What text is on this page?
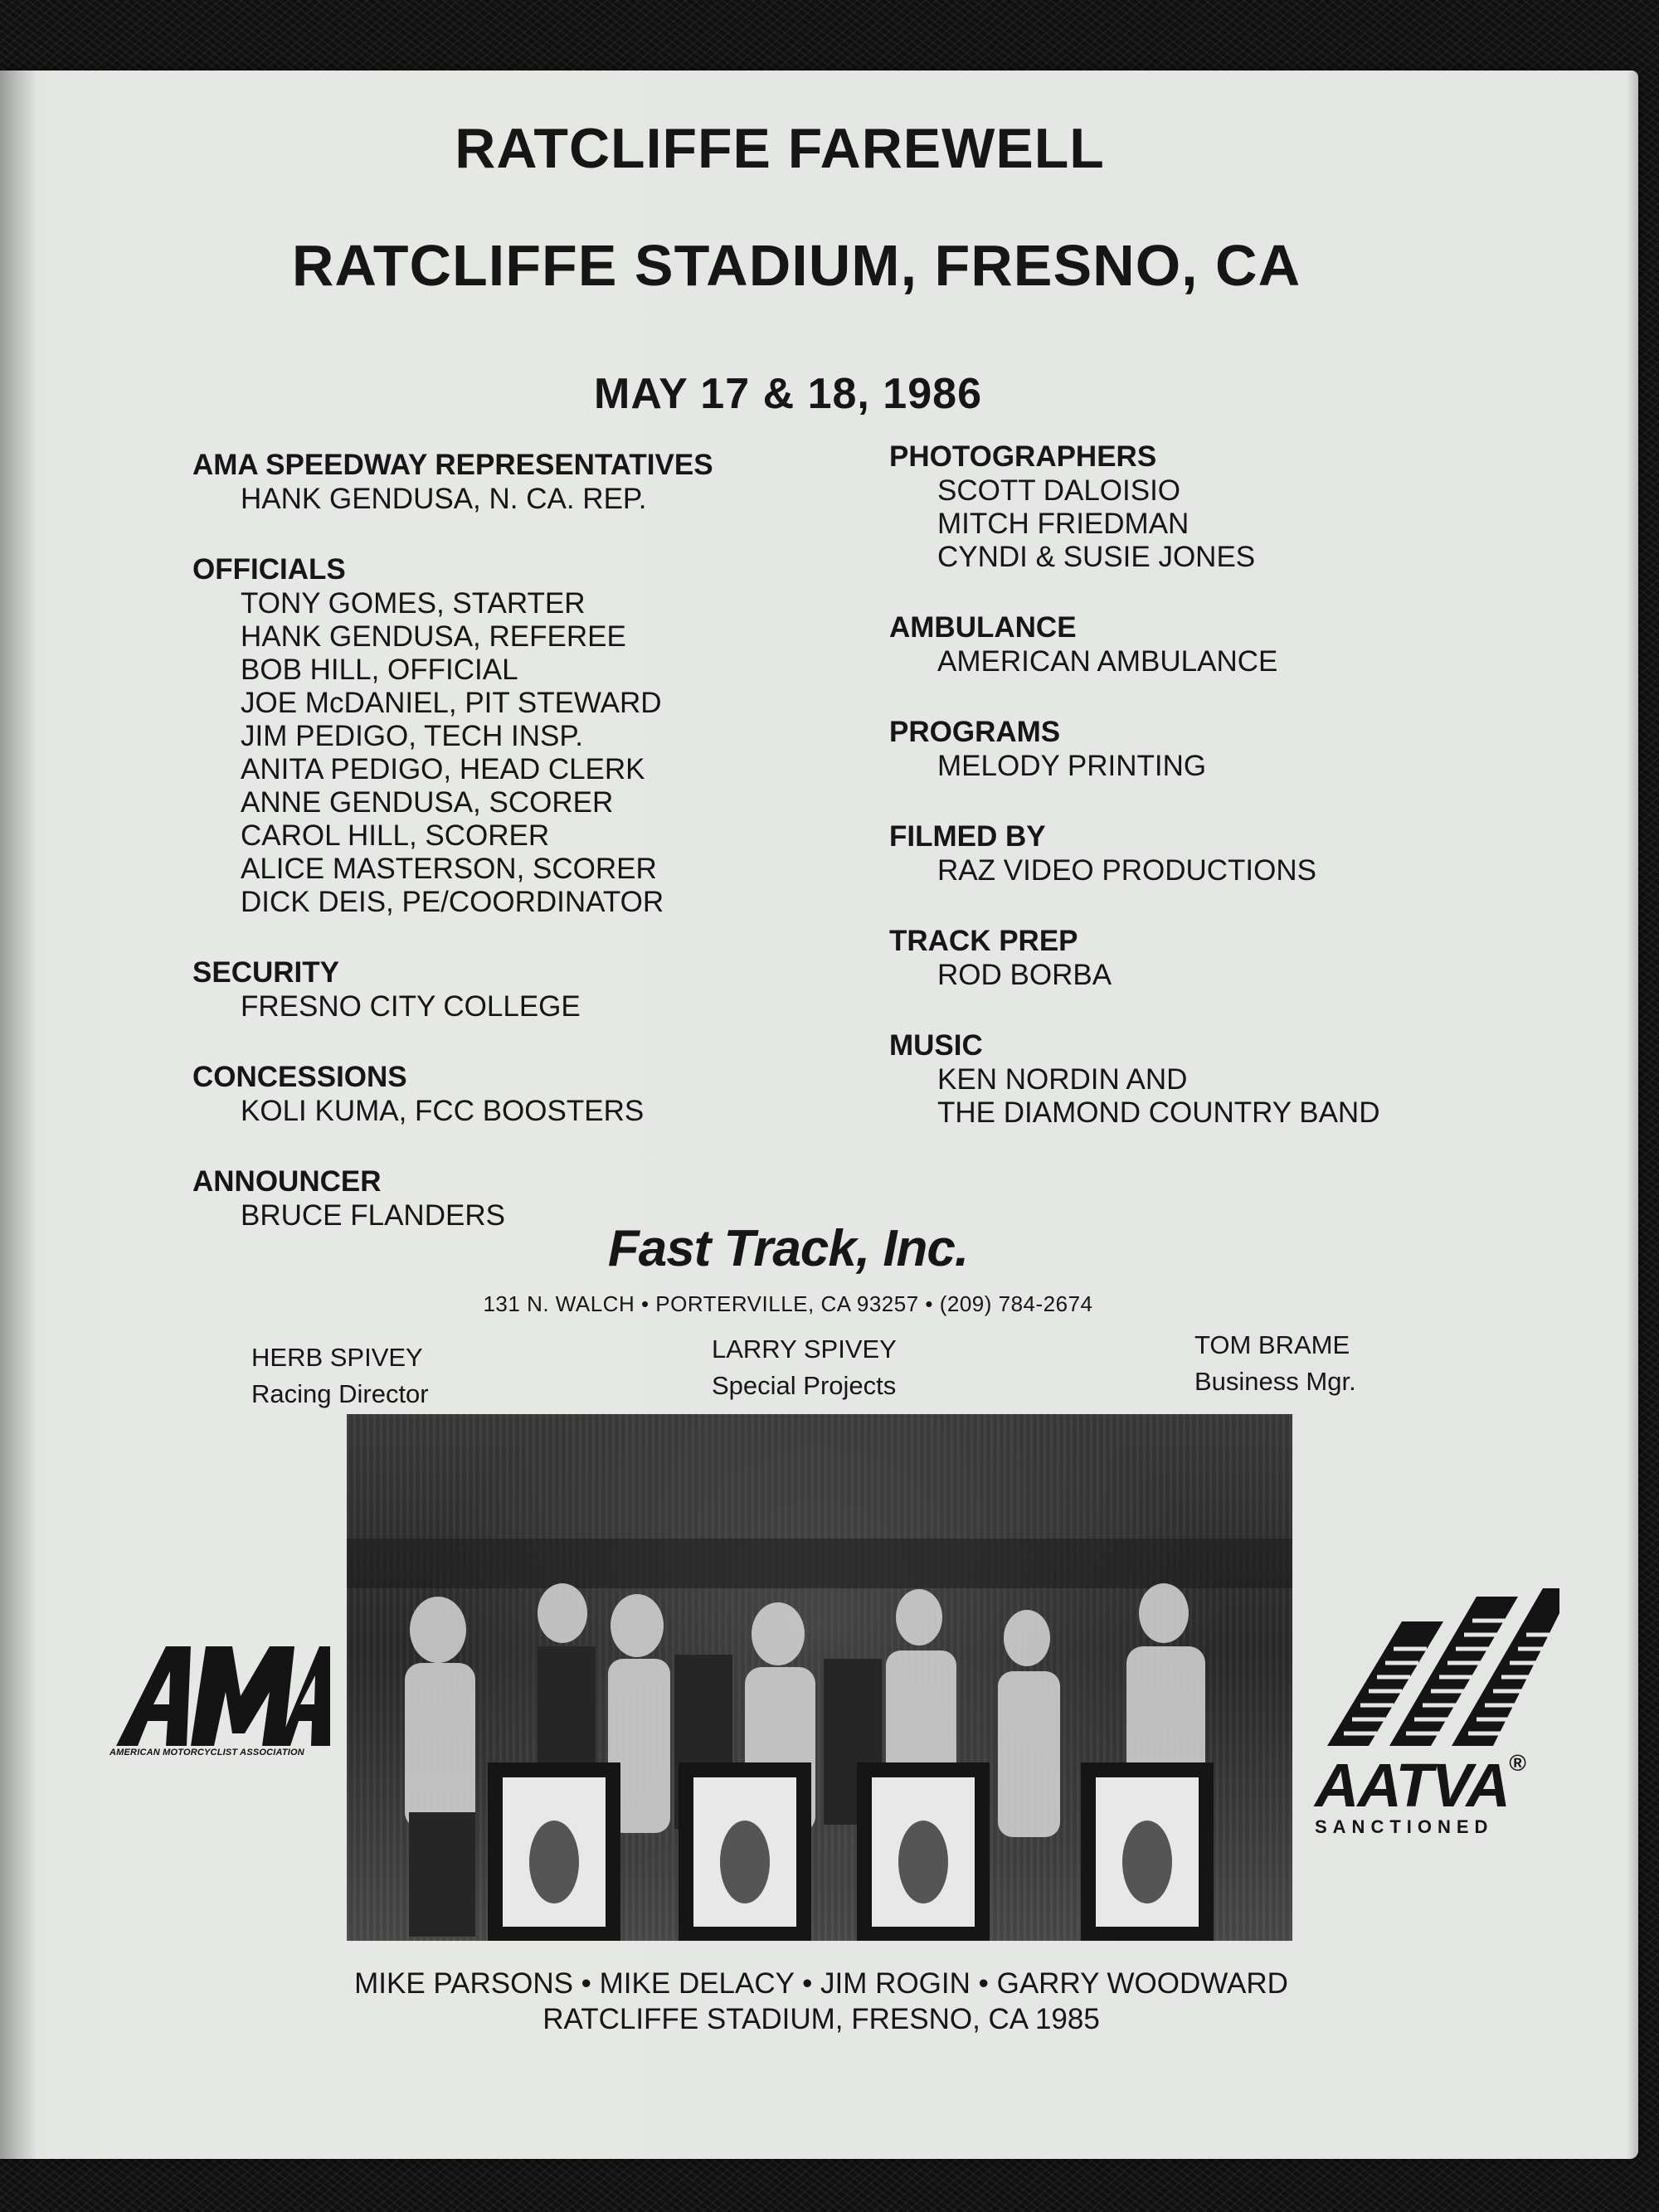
RATCLIFFE FAREWELL
RATCLIFFE STADIUM, FRESNO, CA
MAY 17 & 18, 1986
AMA SPEEDWAY REPRESENTATIVES
HANK GENDUSA, N. CA. REP.
OFFICIALS
TONY GOMES, STARTER
HANK GENDUSA, REFEREE
BOB HILL, OFFICIAL
JOE McDANIEL, PIT STEWARD
JIM PEDIGO, TECH INSP.
ANITA PEDIGO, HEAD CLERK
ANNE GENDUSA, SCORER
CAROL HILL, SCORER
ALICE MASTERSON, SCORER
DICK DEIS, PE/COORDINATOR
SECURITY
FRESNO CITY COLLEGE
CONCESSIONS
KOLI KUMA, FCC BOOSTERS
ANNOUNCER
BRUCE FLANDERS
PHOTOGRAPHERS
SCOTT DALOISIO
MITCH FRIEDMAN
CYNDI & SUSIE JONES
AMBULANCE
AMERICAN AMBULANCE
PROGRAMS
MELODY PRINTING
FILMED BY
RAZ VIDEO PRODUCTIONS
TRACK PREP
ROD BORBA
MUSIC
KEN NORDIN AND
THE DIAMOND COUNTRY BAND
Fast Track, Inc.
131 N. WALCH • PORTERVILLE, CA 93257 • (209) 784-2674
HERB SPIVEY
Racing Director
LARRY SPIVEY
Special Projects
TOM BRAME
Business Mgr.
AMERICAN MOTORCYCLIST ASSOCIATION	AATVA®
SANCTIONED
MIKE PARSONS • MIKE DELACY • JIM ROGIN • GARRY WOODWARD
RATCLIFFE STADIUM, FRESNO, CA 1985
